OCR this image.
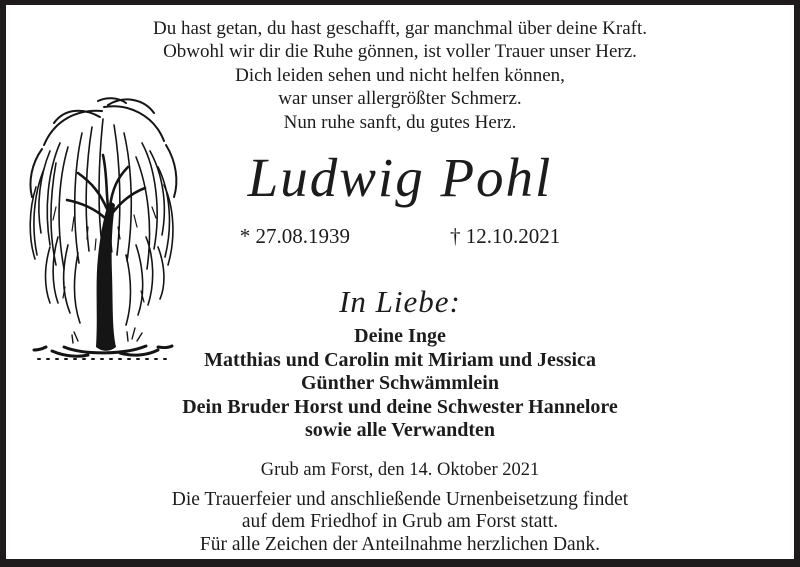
Du hast getan, du hast geschafft, gar manchmal über deine Kraft.
Obwohl wir dir die Ruhe gönnen, ist voller Trauer unser Herz.
Dich leiden sehen und nicht helfen können,
war unser allergrößter Schmerz.
Nun ruhe sanft, du gutes Herz.
Ludwig Pohl
* 27.08.1939	† 12.10.2021
In Liebe:
Deine Inge
Matthias und Carolin mit Miriam und Jessica
Günther Schwämmlein
Dein Bruder Horst und deine Schwester Hannelore
sowie alle Verwandten
Grub am Forst, den 14. Oktober 2021
Die Trauerfeier und anschließende Urnenbeisetzung findet
auf dem Friedhof in Grub am Forst statt.
Für alle Zeichen der Anteilnahme herzlichen Dank.
